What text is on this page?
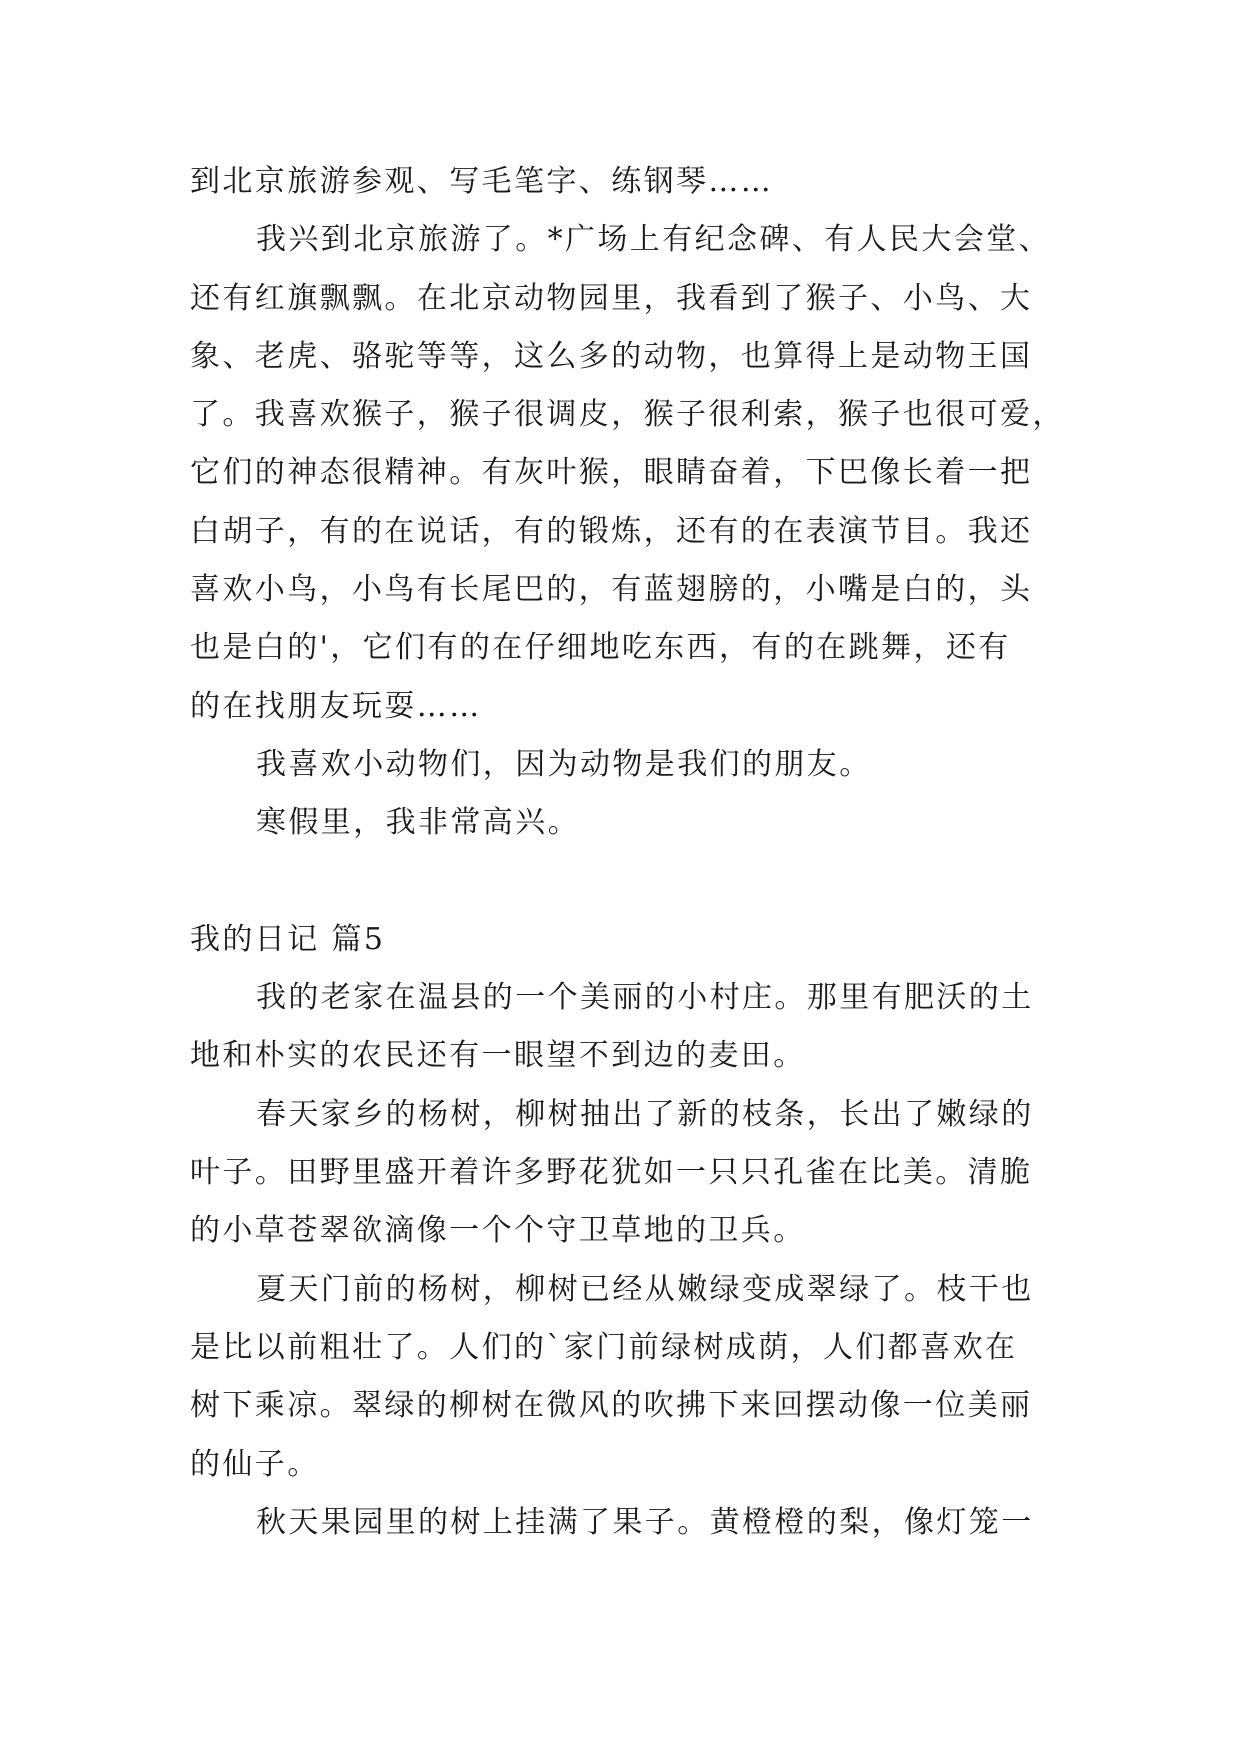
到北京旅游参观、写毛笔字、练钢琴……
我兴到北京旅游了。*广场上有纪念碑、有人民大会堂、
还有红旗飘飘。在北京动物园里，我看到了猴子、小鸟、大
象、老虎、骆驼等等，这么多的动物，也算得上是动物王国
了。我喜欢猴子，猴子很调皮，猴子很利索，猴子也很可爱，
它们的神态很精神。有灰叶猴，眼睛奋着，下巴像长着一把
白胡子，有的在说话，有的锻炼，还有的在表演节目。我还
喜欢小鸟，小鸟有长尾巴的，有蓝翅膀的，小嘴是白的，头
也是白的'，它们有的在仔细地吃东西，有的在跳舞，还有
的在找朋友玩耍……
我喜欢小动物们，因为动物是我们的朋友。
寒假里，我非常高兴。
我的日记 篇5
我的老家在温县的一个美丽的小村庄。那里有肥沃的土
地和朴实的农民还有一眼望不到边的麦田。
春天家乡的杨树，柳树抽出了新的枝条，长出了嫩绿的
叶子。田野里盛开着许多野花犹如一只只孔雀在比美。清脆
的小草苍翠欲滴像一个个守卫草地的卫兵。
夏天门前的杨树，柳树已经从嫩绿变成翠绿了。枝干也
是比以前粗壮了。人们的`家门前绿树成荫，人们都喜欢在
树下乘凉。翠绿的柳树在微风的吹拂下来回摆动像一位美丽
的仙子。
秋天果园里的树上挂满了果子。黄橙橙的梨，像灯笼一
